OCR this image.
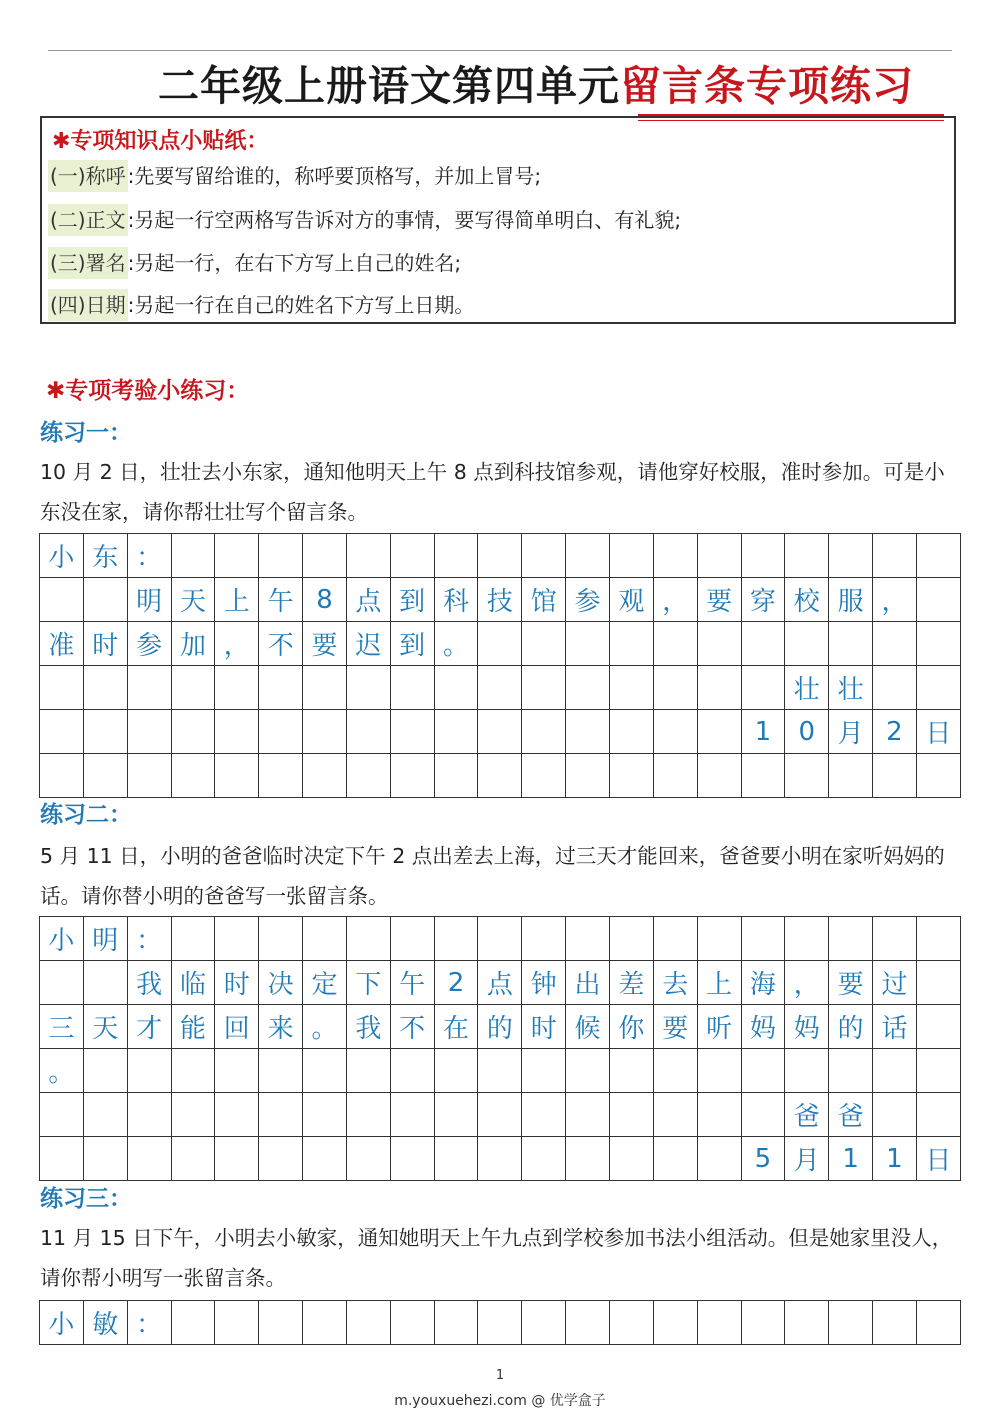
二年级上册语文第四单元留言条专项练习
✱专项知识点小贴纸：
(一)称呼 :先要写留给谁的，称呼要顶格写，并加上冒号;
(二)正文 :另起一行空两格写告诉对方的事情，要写得简单明白、有礼貌;
(三)署名 :另起一行，在右下方写上自己的姓名;
(四)日期 :另起一行在自己的姓名下方写上日期。
✱专项考验小练习：
练习一：
10 月 2 日，壮壮去小东家，通知他明天上午 8 点到科技馆参观，请他穿好校服，准时参加。可是小东没在家，请你帮壮壮写个留言条。
小	东	：																		
		明	天	上	午	8	点	到	科	技	馆	参	观	，	要	穿	校	服	，	
准	时	参	加	，	不	要	迟	到	。											
																	壮	壮		
																1	0	月	2	日

练习二：
5 月 11 日，小明的爸爸临时决定下午 2 点出差去上海，过三天才能回来，爸爸要小明在家听妈妈的话。请你替小明的爸爸写一张留言条。
小	明	：																		
		我	临	时	决	定	下	午	2	点	钟	出	差	去	上	海	，	要	过	
三	天	才	能	回	来	。	我	不	在	的	时	候	你	要	听	妈	妈	的	话	
。																				
																	爸	爸		
																5	月	1	1	日
练习三：
11 月 15 日下午，小明去小敏家，通知她明天上午九点到学校参加书法小组活动。但是她家里没人，请你帮小明写一张留言条。
小	敏	：																		
1
m.youxuehezi.com @ 优学盒子
